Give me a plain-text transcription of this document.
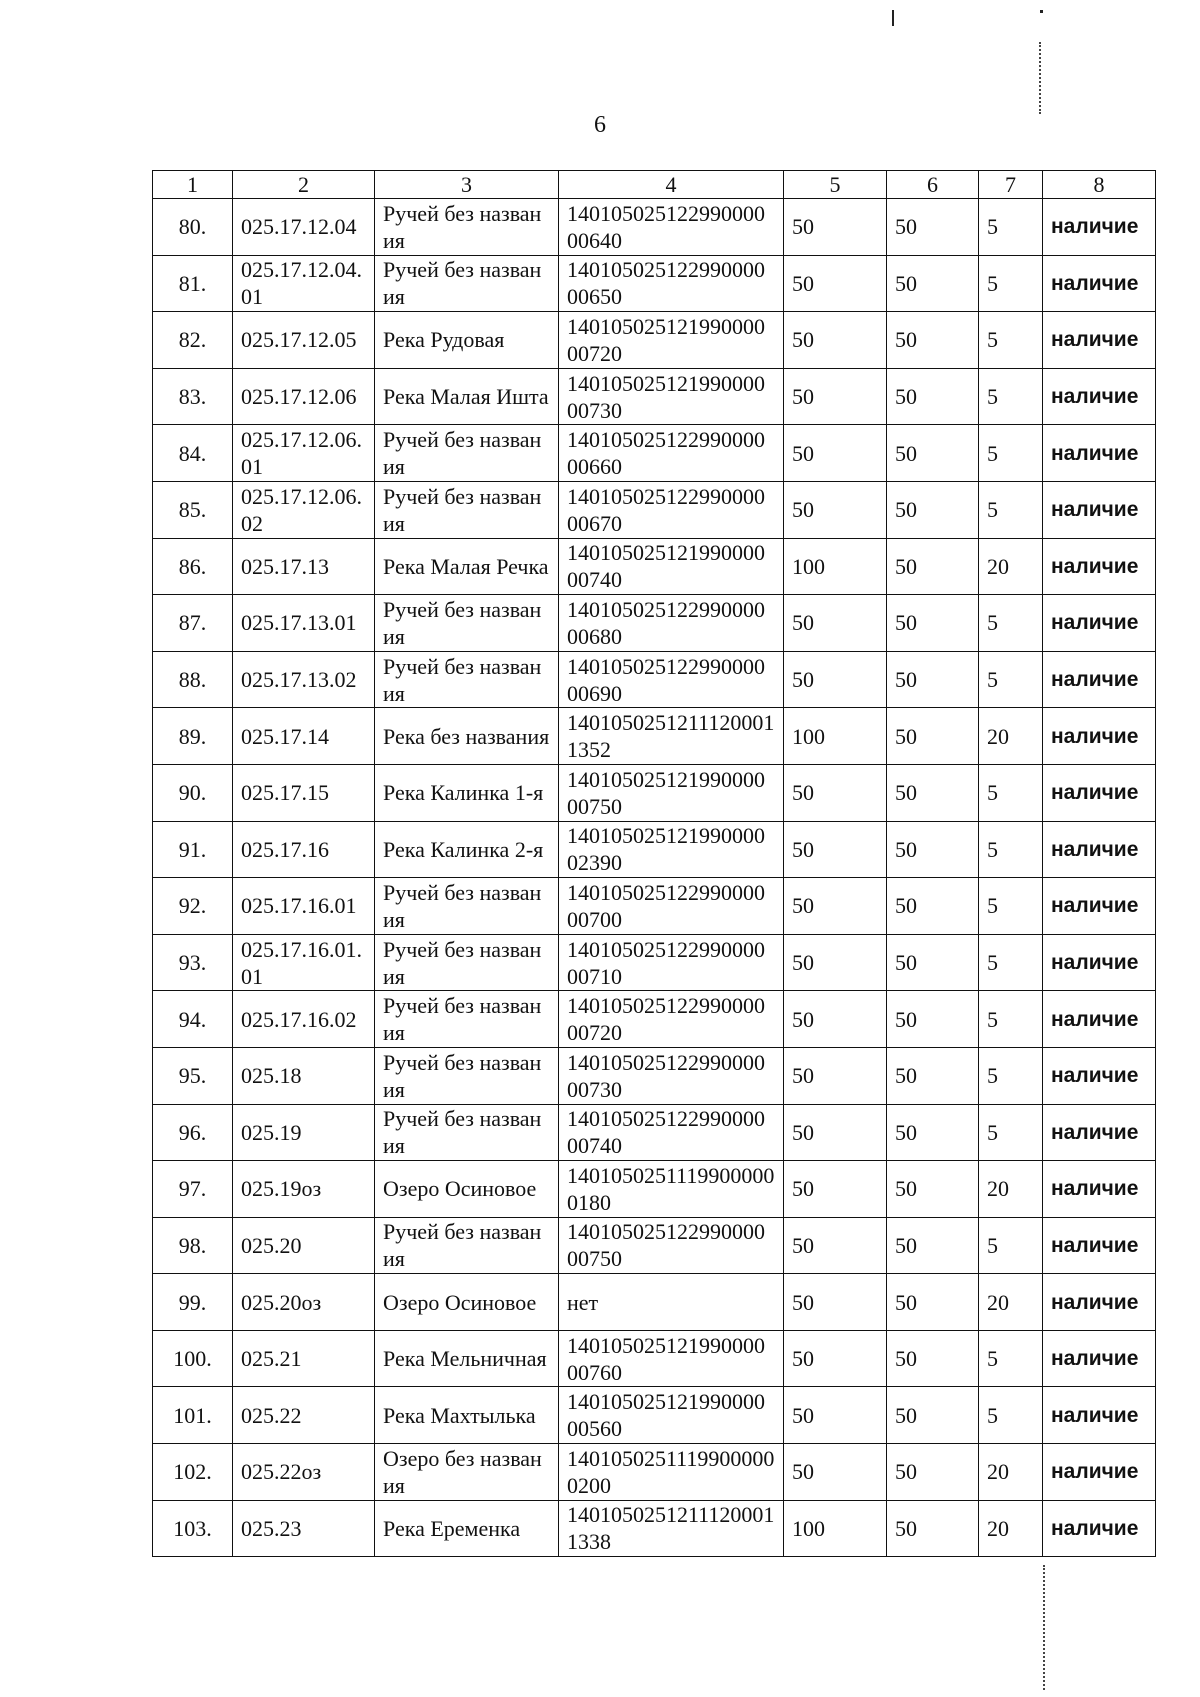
6
1	2	3	4	5	6	7	8
80.	025.17.12.04	Ручей без названия	14010502512299000000640	50	50	5	наличие
81.	025.17.12.04.01	Ручей без названия	14010502512299000000650	50	50	5	наличие
82.	025.17.12.05	Река Рудовая	14010502512199000000720	50	50	5	наличие
83.	025.17.12.06	Река Малая Ишта	14010502512199000000730	50	50	5	наличие
84.	025.17.12.06.01	Ручей без названия	14010502512299000000660	50	50	5	наличие
85.	025.17.12.06.02	Ручей без названия	14010502512299000000670	50	50	5	наличие
86.	025.17.13	Река Малая Речка	14010502512199000000740	100	50	20	наличие
87.	025.17.13.01	Ручей без названия	14010502512299000000680	50	50	5	наличие
88.	025.17.13.02	Ручей без названия	14010502512299000000690	50	50	5	наличие
89.	025.17.14	Река без названия	14010502512111200011352	100	50	20	наличие
90.	025.17.15	Река Калинка 1-я	14010502512199000000750	50	50	5	наличие
91.	025.17.16	Река Калинка 2-я	14010502512199000002390	50	50	5	наличие
92.	025.17.16.01	Ручей без названия	14010502512299000000700	50	50	5	наличие
93.	025.17.16.01.01	Ручей без названия	14010502512299000000710	50	50	5	наличие
94.	025.17.16.02	Ручей без названия	14010502512299000000720	50	50	5	наличие
95.	025.18	Ручей без названия	14010502512299000000730	50	50	5	наличие
96.	025.19	Ручей без названия	14010502512299000000740	50	50	5	наличие
97.	025.19оз	Озеро Осиновое	14010502511199000000180	50	50	20	наличие
98.	025.20	Ручей без названия	14010502512299000000750	50	50	5	наличие
99.	025.20оз	Озеро Осиновое	нет	50	50	20	наличие
100.	025.21	Река Мельничная	14010502512199000000760	50	50	5	наличие
101.	025.22	Река Махтылька	14010502512199000000560	50	50	5	наличие
102.	025.22оз	Озеро без названия	14010502511199000000200	50	50	20	наличие
103.	025.23	Река Еременка	14010502512111200011338	100	50	20	наличие
